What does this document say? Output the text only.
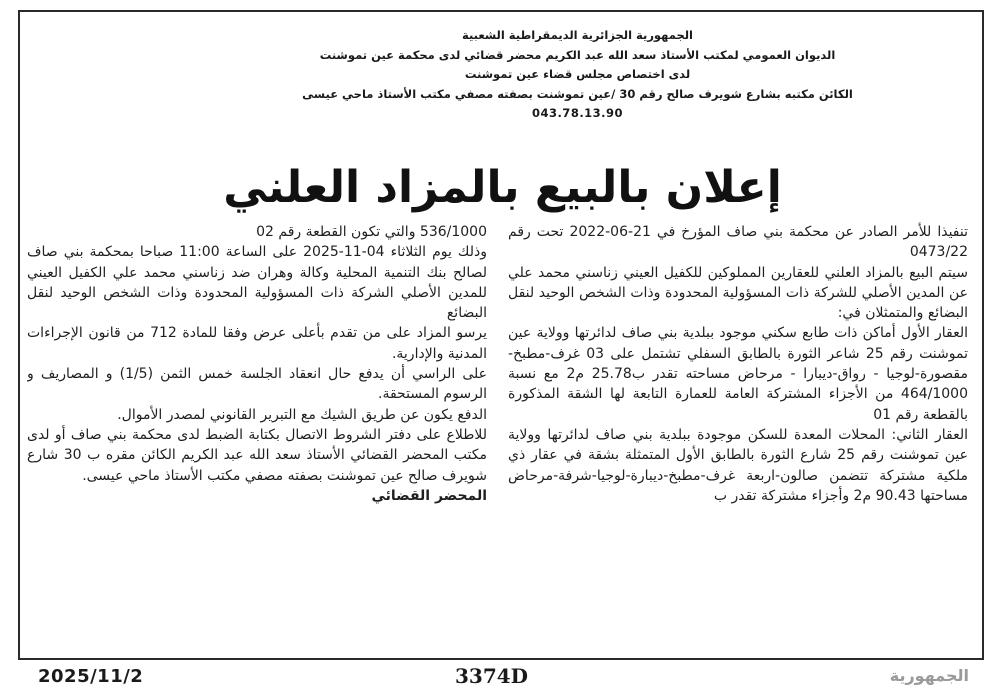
الجمهورية الجزائرية الديمقراطية الشعبية
الديوان العمومي لمكتب الأستاذ سعد الله عبد الكريم محضر قضائي لدى محكمة عين تموشنت
لدى اختصاص مجلس قضاء عين تموشنت
الكائن مكتبه بشارع شويرف صالح رقم 30 /عين تموشنت بصفته مصفي مكتب الأستاذ ماحي عيسى
043.78.13.90
إعلان بالبيع بالمزاد العلني

تنفيذا للأمر الصادر عن محكمة بني صاف المؤرخ في 21-06-2022 تحت رقم 0473/22

سيتم البيع بالمزاد العلني للعقارين المملوكين للكفيل العيني زناسني محمد علي عن المدين الأصلي للشركة ذات المسؤولية المحدودة وذات الشخص الوحيد لنقل البضائع والمتمثلان في:

العقار الأول أماكن ذات طابع سكني موجود ببلدية بني صاف لدائرتها وولاية عين تموشنت رقم 25 شاعر الثورة بالطابق السفلي تشتمل على 03 غرف-مطبخ-مقصورة-لوجيا - رواق-ديبارا - مرحاض مساحته تقدر ب25.78 م2 مع نسبة 464/1000 من الأجزاء المشتركة العامة للعمارة التابعة لها الشقة المذكورة بالقطعة رقم 01

العقار الثاني: المحلات المعدة للسكن موجودة ببلدية بني صاف لدائرتها وولاية عين تموشنت رقم 25 شارع الثورة بالطابق الأول المتمثلة بشقة في عقار ذي ملكية مشتركة تتضمن صالون-اربعة غرف-مطبخ-ديبارة-لوجيا-شرفة-مرحاض مساحتها 90.43 م2 وأجزاء مشتركة تقدر ب

536/1000 والتي تكون القطعة رقم 02

وذلك يوم الثلاثاء 04-11-2025 على الساعة 11:00 صباحا بمحكمة بني صاف لصالح بنك التنمية المحلية وكالة وهران ضد زناسني محمد علي الكفيل العيني للمدين الأصلي الشركة ذات المسؤولية المحدودة وذات الشخص الوحيد لنقل البضائع

يرسو المزاد على من تقدم بأعلى عرض وفقا للمادة 712 من قانون الإجراءات المدنية والإدارية.

على الراسي أن يدفع حال انعقاد الجلسة خمس الثمن (1/5) و المصاريف و الرسوم المستحقة.

الدفع يكون عن طريق الشيك مع التبرير القانوني لمصدر الأموال.

للاطلاع على دفتر الشروط الاتصال بكتابة الضبط لدى محكمة بني صاف أو لدى مكتب المحضر القضائي الأستاذ سعد الله عبد الكريم الكائن مقره ب 30 شارع شويرف صالح عين تموشنت بصفته مصفي مكتب الأستاذ ماحي عيسى.

المحضر القضائي

2025/11/2	3374D	الجمهورية
